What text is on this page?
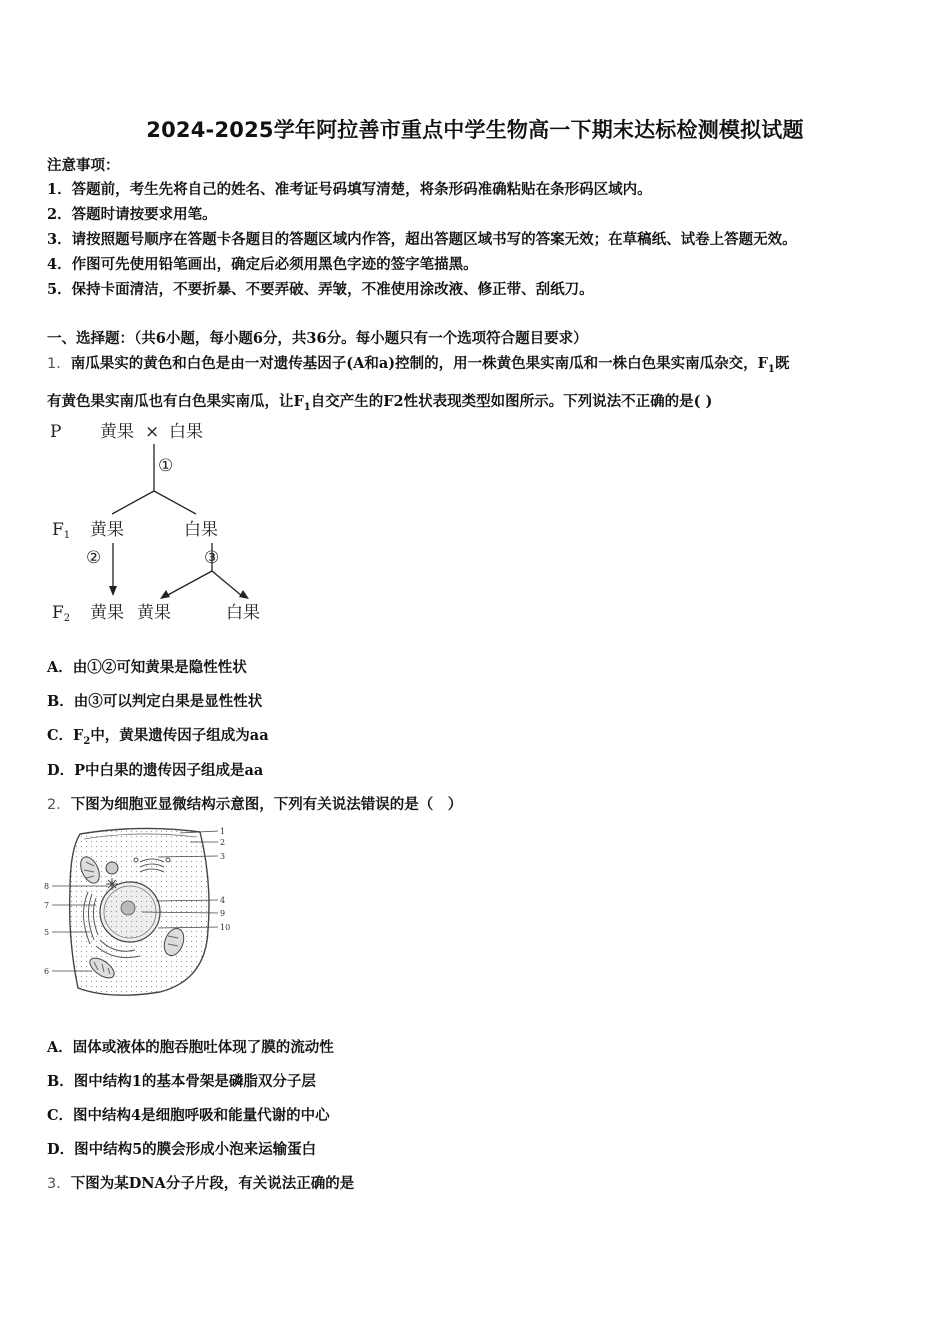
2024-2025学年阿拉善市重点中学生物高一下期末达标检测模拟试题
注意事项：
1．答题前，考生先将自己的姓名、准考证号码填写清楚，将条形码准确粘贴在条形码区域内。
2．答题时请按要求用笔。
3．请按照题号顺序在答题卡各题目的答题区域内作答，超出答题区域书写的答案无效；在草稿纸、试卷上答题无效。
4．作图可先使用铅笔画出，确定后必须用黑色字迹的签字笔描黑。
5．保持卡面清洁，不要折暴、不要弄破、弄皱，不准使用涂改液、修正带、刮纸刀。
一、选择题：（共6小题，每小题6分，共36分。每小题只有一个选项符合题目要求）
1．南瓜果实的黄色和白色是由一对遗传基因子(A和a)控制的，用一株黄色果实南瓜和一株白色果实南瓜杂交，$F_1$既
有黄色果实南瓜也有白色果实南瓜，让$F_1$自交产生的F2性状表现类型如图所示。下列说法不正确的是( )
P 黄果 × 白果
①
F1 黄果	白果
②	③
F2 黄果 黄果	白果
A．由①②可知黄果是隐性性状
B．由③可以判定白果是显性性状
C．$F_2$中，黄果遗传因子组成为aa
D．P中白果的遗传因子组成是aa
2．下图为细胞亚显微结构示意图，下列有关说法错误的是（　）
1
2
3
4
9
10
8
7
5
6
A．固体或液体的胞吞胞吐体现了膜的流动性
B．图中结构1的基本骨架是磷脂双分子层
C．图中结构4是细胞呼吸和能量代谢的中心
D．图中结构5的膜会形成小泡来运输蛋白
3．下图为某DNA分子片段，有关说法正确的是
